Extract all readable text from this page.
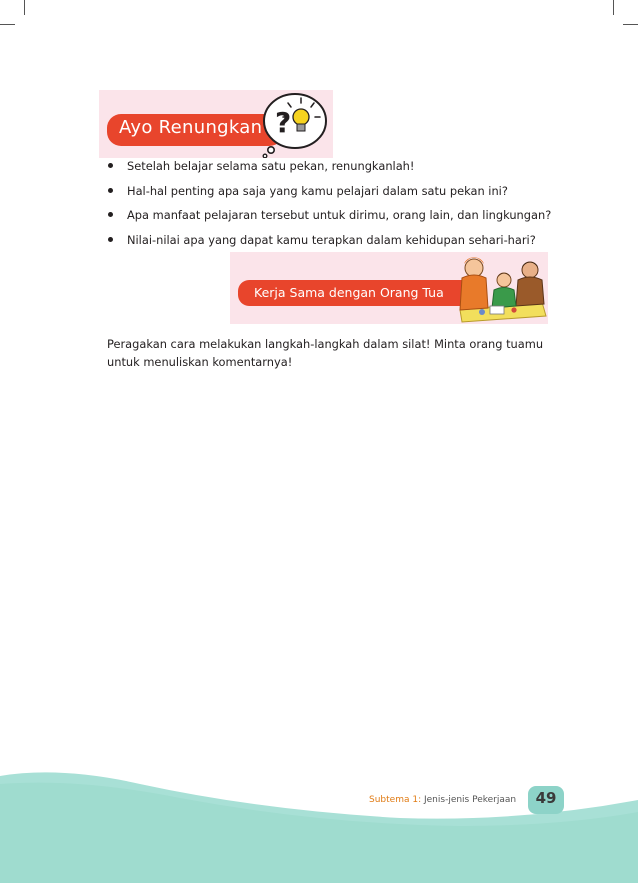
Ayo Renungkan ?
Setelah belajar selama satu pekan, renungkanlah!
Hal-hal penting apa saja yang kamu pelajari dalam satu pekan ini?
Apa manfaat pelajaran tersebut untuk dirimu, orang lain, dan lingkungan?
Nilai-nilai apa yang dapat kamu terapkan dalam kehidupan sehari-hari?
Kerja Sama dengan Orang Tua

Peragakan cara melakukan langkah-langkah dalam silat! Minta orang tuamu untuk menuliskan komentarnya!

Subtema 1: Jenis-jenis Pekerjaan	49
